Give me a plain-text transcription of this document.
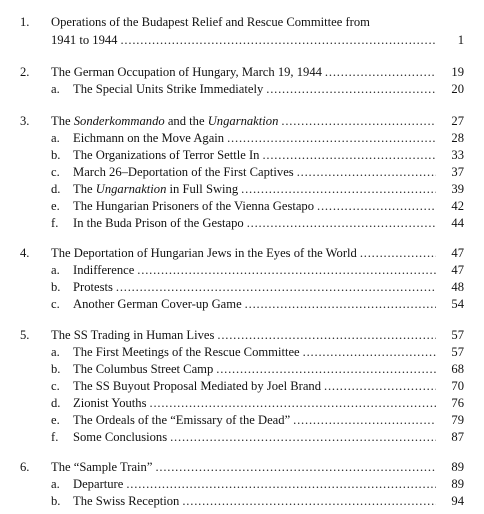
1. Operations of the Budapest Relief and Rescue Committee from
1941 to 1944 .....	1
2. The German Occupation of Hungary, March 19, 1944 .....	19
a. The Special Units Strike Immediately .....	20
3. The Sonderkommando and the Ungarnaktion .....	27
a. Eichmann on the Move Again .....	28
b. The Organizations of Terror Settle In .....	33
c. March 26–Deportation of the First Captives .....	37
d. The Ungarnaktion in Full Swing .....	39
e. The Hungarian Prisoners of the Vienna Gestapo .....	42
f. In the Buda Prison of the Gestapo .....	44
4. The Deportation of Hungarian Jews in the Eyes of the World .....	47
a. Indifference .....	47
b. Protests .....	48
c. Another German Cover-up Game .....	54
5. The SS Trading in Human Lives .....	57
a. The First Meetings of the Rescue Committee .....	57
b. The Columbus Street Camp .....	68
c. The SS Buyout Proposal Mediated by Joel Brand .....	70
d. Zionist Youths .....	76
e. The Ordeals of the “Emissary of the Dead” .....	79
f. Some Conclusions .....	87
6. The “Sample Train” .....	89
a. Departure .....	89
b. The Swiss Reception .....	94
